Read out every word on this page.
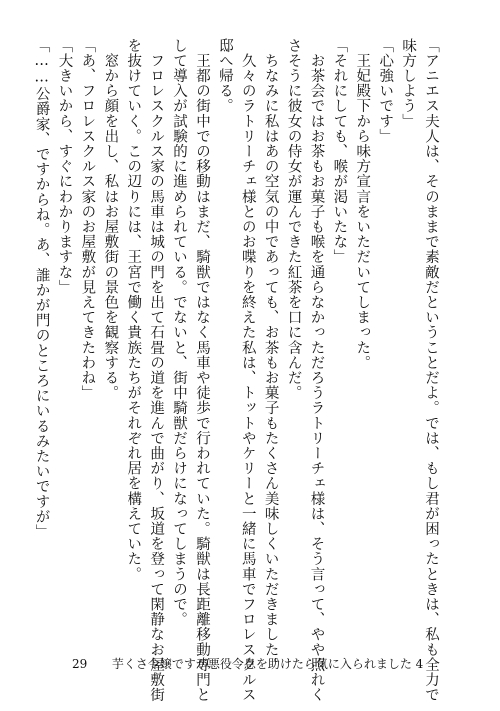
「アニエス夫人は、そのままで素敵だということだよ。では、もし君が困ったときは、私も全力で
味方しよう」
「心強いです」
　王妃殿下から味方宣言をいただいてしまった。
「それにしても、喉が渇いたな」
　お茶会ではお茶もお菓子も喉を通らなかっただろうラトリーチェ様は、そう言って、やや照れく
さそうに彼女の侍女が運んできた紅茶を口に含んだ。
　ちなみに私はあの空気の中であっても、お茶もお菓子もたくさん美味しくいただきました。
　久々のラトリーチェ様とのお喋りを終えた私は、トットやケリーと一緒に馬車でフロレスクルス
邸へ帰る。
　王都の街中での移動はまだ、騎獣ではなく馬車や徒歩で行われていた。騎獣は長距離移動専門と
して導入が試験的に進められている。でないと、街中騎獣だらけになってしまうので。
　フロレスクルス家の馬車は城の門を出て石畳の道を進んで曲がり、坂道を登って閑静なお屋敷街
を抜けていく。この辺りには、王宮で働く貴族たちがそれぞれ居を構えていた。
　窓から顔を出し、私はお屋敷街の景色を観察する。
「あ、フロレスクルス家のお屋敷が見えてきたわね」
「大きいから、すぐにわかりますな」
「……公爵家、ですからね。あ、誰かが門のところにいるみたいですが」
29 芋くさ令嬢ですが悪役令息を助けたら気に入られました 4
